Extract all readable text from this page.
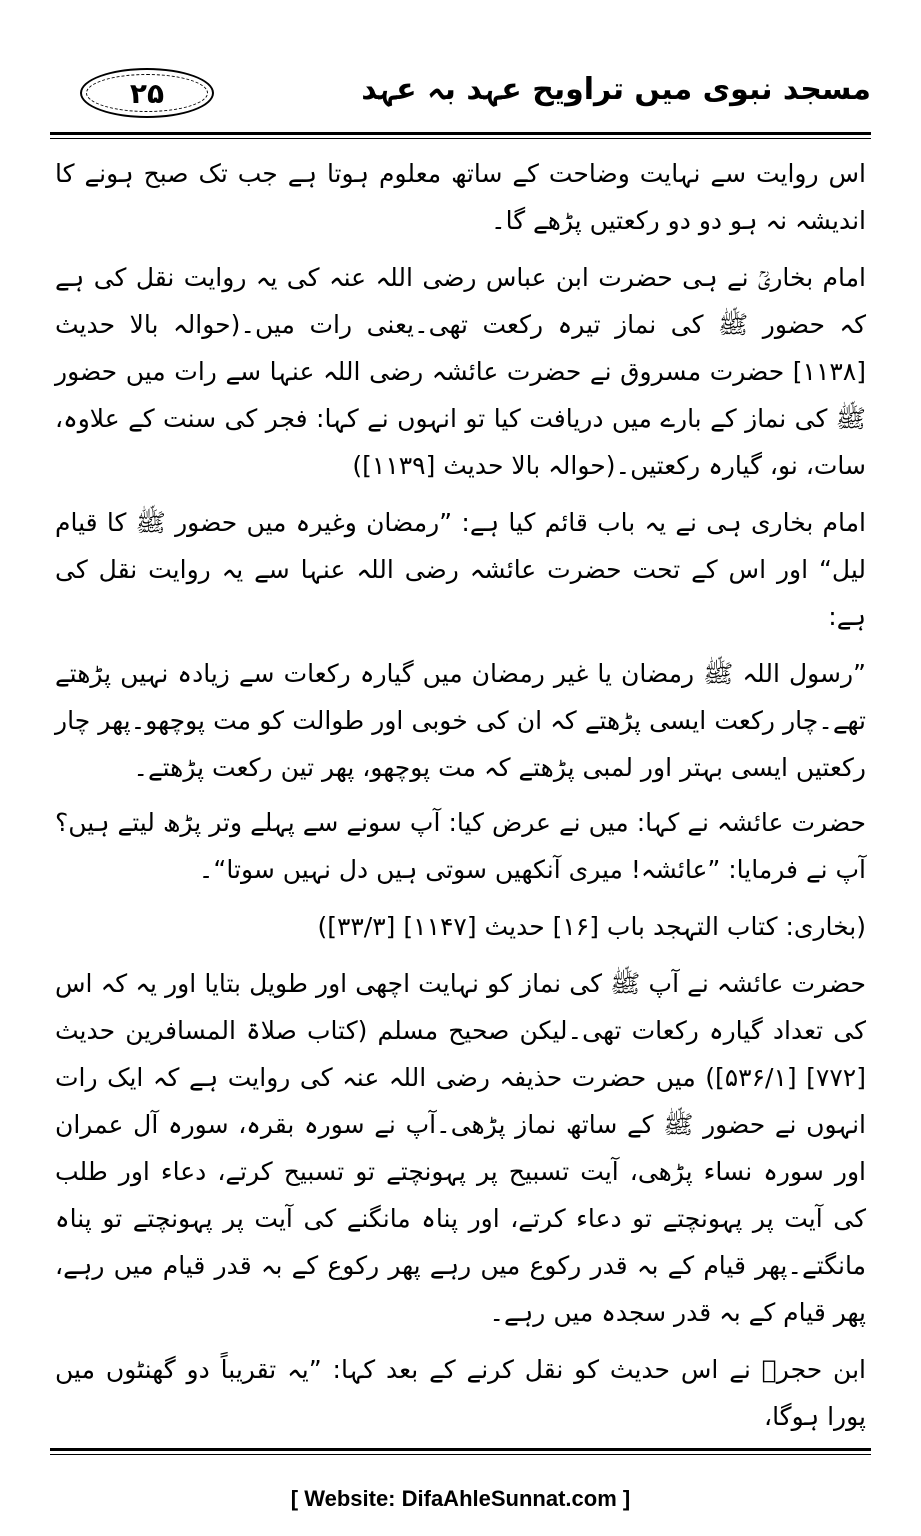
مسجد نبوی میں تراویح عہد بہ عہد
۲۵

اس روایت سے نہایت وضاحت کے ساتھ معلوم ہوتا ہے جب تک صبح ہونے کا اندیشہ نہ ہو دو دو رکعتیں پڑھے گا۔

امام بخاریؒ نے ہی حضرت ابن عباس رضی اللہ عنہ کی یہ روایت نقل کی ہے کہ حضور ﷺ کی نماز تیرہ رکعت تھی۔یعنی رات میں۔(حوالہ بالا حدیث [۱۱۳۸] حضرت مسروق نے حضرت عائشہ رضی اللہ عنہا سے رات میں حضور ﷺ کی نماز کے بارے میں دریافت کیا تو انہوں نے کہا: فجر کی سنت کے علاوہ، سات، نو، گیارہ رکعتیں۔(حوالہ بالا حدیث [۱۱۳۹])

امام بخاری ہی نے یہ باب قائم کیا ہے: ”رمضان وغیرہ میں حضور ﷺ کا قیام لیل“ اور اس کے تحت حضرت عائشہ رضی اللہ عنہا سے یہ روایت نقل کی ہے:

”رسول اللہ ﷺ رمضان یا غیر رمضان میں گیارہ رکعات سے زیادہ نہیں پڑھتے تھے۔چار رکعت ایسی پڑھتے کہ ان کی خوبی اور طوالت کو مت پوچھو۔پھر چار رکعتیں ایسی بہتر اور لمبی پڑھتے کہ مت پوچھو، پھر تین رکعت پڑھتے۔

حضرت عائشہ نے کہا: میں نے عرض کیا: آپ سونے سے پہلے وتر پڑھ لیتے ہیں؟ آپ نے فرمایا: ”عائشہ! میری آنکھیں سوتی ہیں دل نہیں سوتا“۔

(بخاری: کتاب التہجد باب [۱۶] حدیث [۱۱۴۷] [۳۳/۳])

حضرت عائشہ نے آپ ﷺ کی نماز کو نہایت اچھی اور طویل بتایا اور یہ کہ اس کی تعداد گیارہ رکعات تھی۔لیکن صحیح مسلم (کتاب صلاۃ المسافرین حدیث [۷۷۲] [۵۳۶/۱]) میں حضرت حذیفہ رضی اللہ عنہ کی روایت ہے کہ ایک رات انہوں نے حضور ﷺ کے ساتھ نماز پڑھی۔آپ نے سورہ بقرہ، سورہ آل عمران اور سورہ نساء پڑھی، آیت تسبیح پر پہونچتے تو تسبیح کرتے، دعاء اور طلب کی آیت پر پہونچتے تو دعاء کرتے، اور پناہ مانگنے کی آیت پر پہونچتے تو پناہ مانگتے۔پھر قیام کے بہ قدر رکوع میں رہے پھر رکوع کے بہ قدر قیام میں رہے، پھر قیام کے بہ قدر سجدہ میں رہے۔

ابن حجرؒ نے اس حدیث کو نقل کرنے کے بعد کہا: ”یہ تقریباً دو گھنٹوں میں پورا ہوگا،

[ Website: DifaAhleSunnat.com ]
